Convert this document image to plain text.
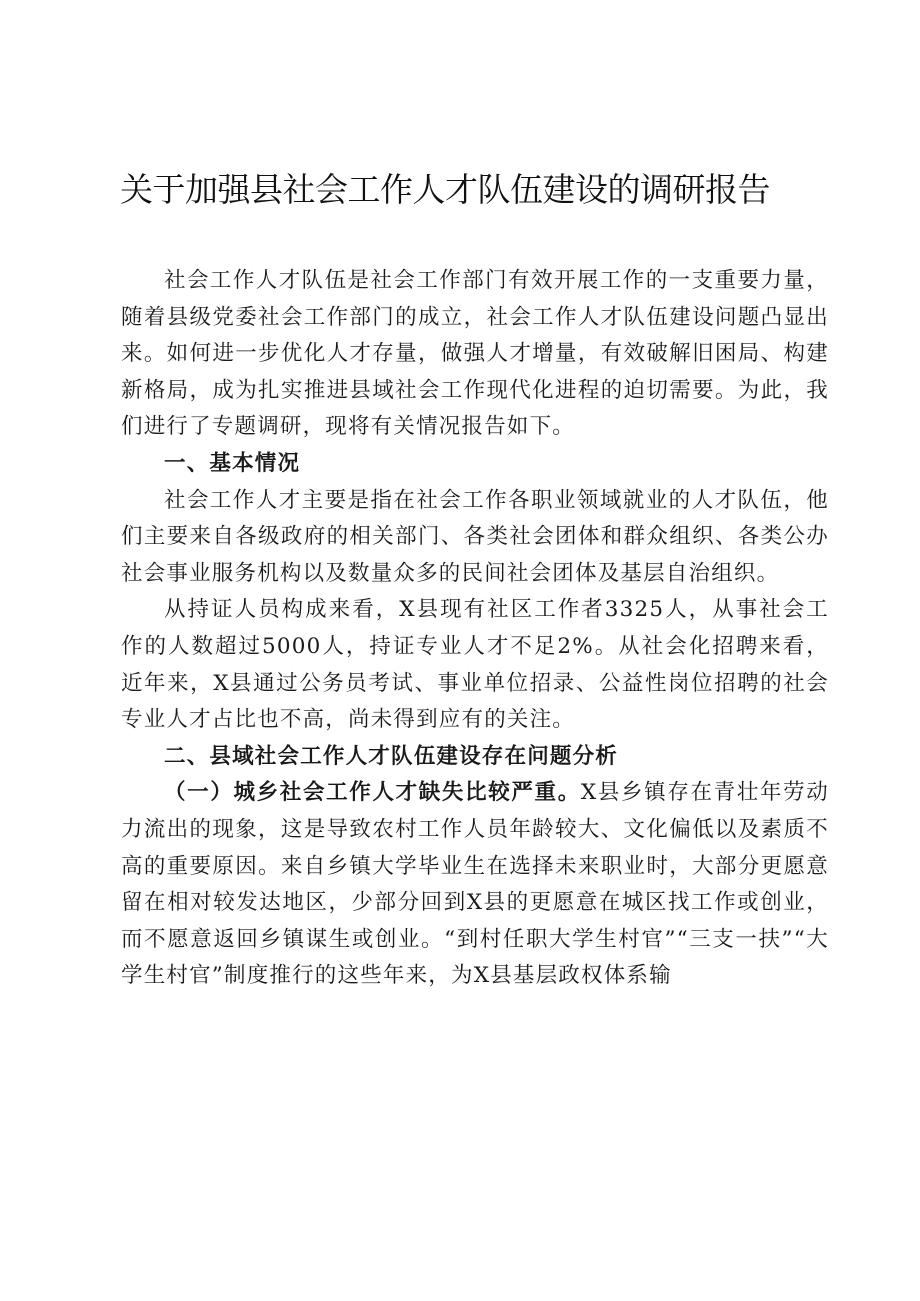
关于加强县社会工作人才队伍建设的调研报告

社会工作人才队伍是社会工作部门有效开展工作的一支重要力量，随着县级党委社会工作部门的成立，社会工作人才队伍建设问题凸显出来。如何进一步优化人才存量，做强人才增量，有效破解旧困局、构建新格局，成为扎实推进县域社会工作现代化进程的迫切需要。为此，我们进行了专题调研，现将有关情况报告如下。

一、基本情况

社会工作人才主要是指在社会工作各职业领域就业的人才队伍，他们主要来自各级政府的相关部门、各类社会团体和群众组织、各类公办社会事业服务机构以及数量众多的民间社会团体及基层自治组织。

从持证人员构成来看，X县现有社区工作者3325人，从事社会工作的人数超过5000人，持证专业人才不足2%。从社会化招聘来看，近年来，X县通过公务员考试、事业单位招录、公益性岗位招聘的社会专业人才占比也不高，尚未得到应有的关注。

二、县域社会工作人才队伍建设存在问题分析

（一）城乡社会工作人才缺失比较严重。X县乡镇存在青壮年劳动力流出的现象，这是导致农村工作人员年龄较大、文化偏低以及素质不高的重要原因。来自乡镇大学毕业生在选择未来职业时，大部分更愿意留在相对较发达地区，少部分回到X县的更愿意在城区找工作或创业，而不愿意返回乡镇谋生或创业。“到村任职大学生村官”“三支一扶”“大学生村官”制度推行的这些年来，为X县基层政权体系输
